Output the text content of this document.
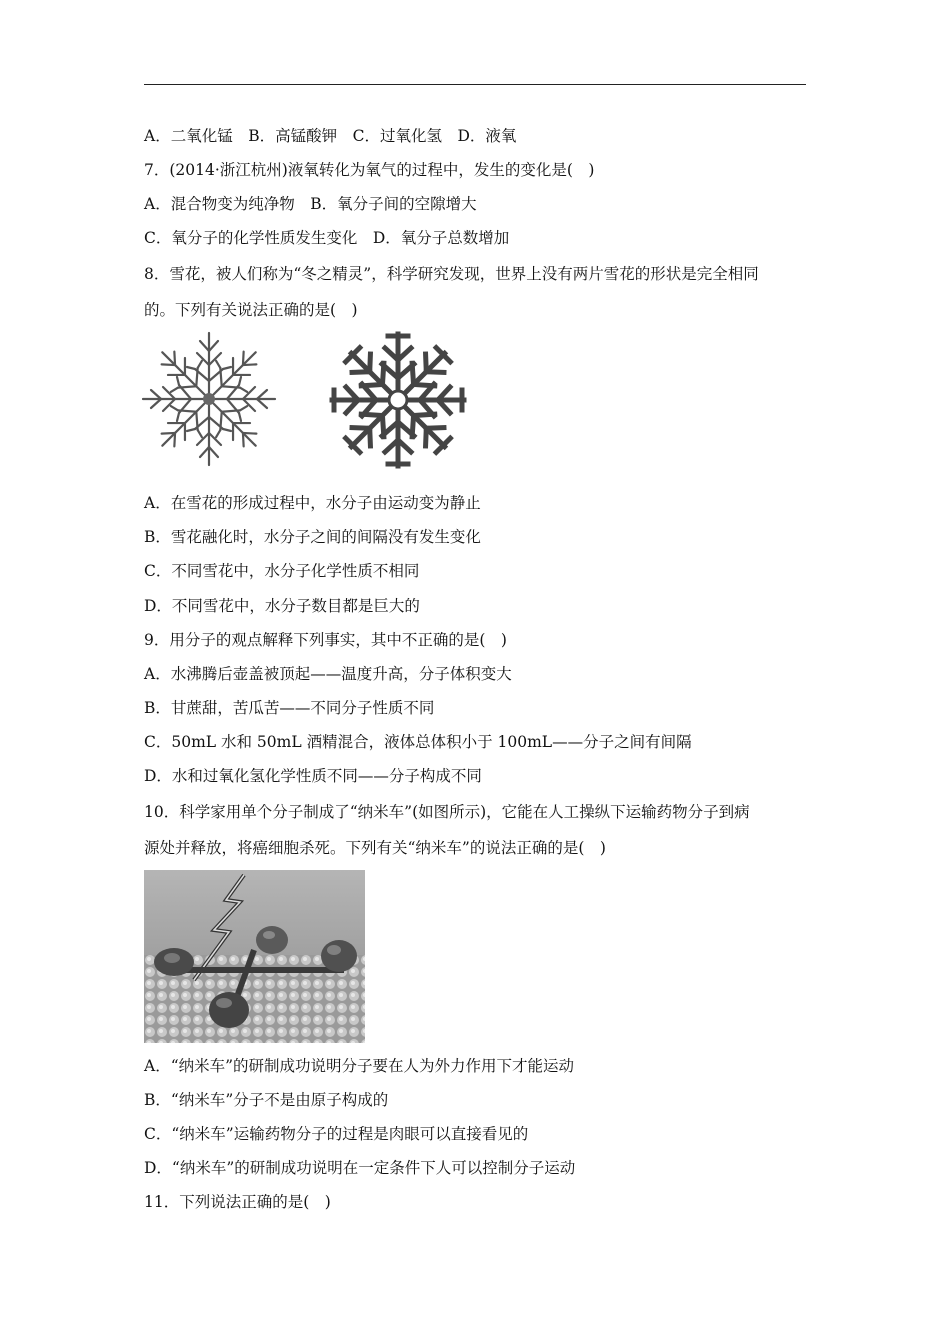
A．二氧化锰　B．高锰酸钾　C．过氧化氢　D．液氧
7．(2014·浙江杭州)液氧转化为氧气的过程中，发生的变化是(　)
A．混合物变为纯净物　B．氧分子间的空隙增大
C．氧分子的化学性质发生变化　D．氧分子总数增加
8．雪花，被人们称为“冬之精灵”，科学研究发现，世界上没有两片雪花的形状是完全相同
的。下列有关说法正确的是(　)
A．在雪花的形成过程中，水分子由运动变为静止
B．雪花融化时，水分子之间的间隔没有发生变化
C．不同雪花中，水分子化学性质不相同
D．不同雪花中，水分子数目都是巨大的
9．用分子的观点解释下列事实，其中不正确的是(　)
A．水沸腾后壶盖被顶起——温度升高，分子体积变大
B．甘蔗甜，苦瓜苦——不同分子性质不同
C．50mL 水和 50mL 酒精混合，液体总体积小于 100mL——分子之间有间隔
D．水和过氧化氢化学性质不同——分子构成不同
10．科学家用单个分子制成了“纳米车”(如图所示)，它能在人工操纵下运输药物分子到病
源处并释放，将癌细胞杀死。下列有关“纳米车”的说法正确的是(　)
A．“纳米车”的研制成功说明分子要在人为外力作用下才能运动
B．“纳米车”分子不是由原子构成的
C．“纳米车”运输药物分子的过程是肉眼可以直接看见的
D．“纳米车”的研制成功说明在一定条件下人可以控制分子运动
11．下列说法正确的是(　)
